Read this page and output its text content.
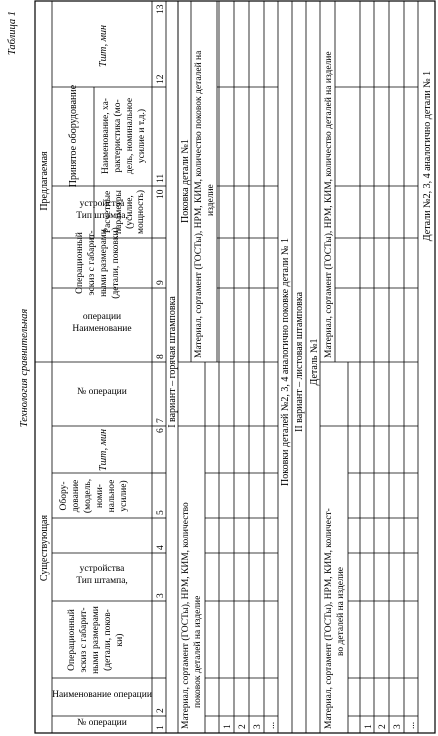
Таблица 1
Технология сравнительная
Существующая
Предлагаемая
№ операции
Наименование операции
Операционный эскиз с габарит- ными размерами (детали, поков- ки)
Тип штампа,
устройства
Обору- дование (модель, номи- нальное усилие)
Tшт, мин
№ операции
Наименование
операции
Операционный эскиз с габарит- ными размерами (детали, поковки)
Тип штампа,
устройства
Принятое оборудование
Расчетные параметры (усилие, мощность)
Наименование, ха- рактеристика (мо- дель, номинальное усилие и т.д.)
Tшт, мин
1
2
3
4
5
6
7
8
9
10
11
12
13
I вариант – горячая штамповка
Поковка детали №1
Материал, сортамент (ГОСТы), НРМ, КИМ, количество поковок деталей на изделие
Материал, сортамент (ГОСТы), НРМ, КИМ, количество поковок деталей на изделие
1 2 3 ...
Поковки деталей №2, 3, 4 аналогично поковке детали № 1 II вариант – листовая штамповка Деталь №1
Материал, сортамент (ГОСТы), НРМ, КИМ, количест- во деталей на изделие
Материал, сортамент (ГОСТы), НРМ, КИМ, количество деталей на изделие
1 2 3 ...
Детали №2, 3, 4 аналогично детали № 1
